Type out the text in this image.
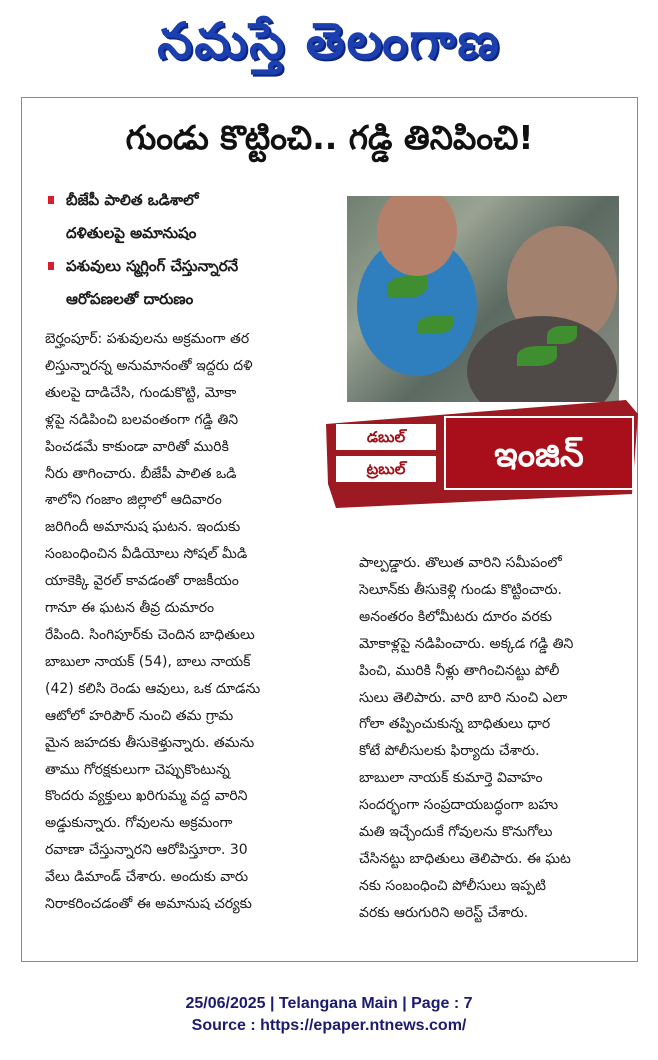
నమస్తే తెలంగాణ
గుండు కొట్టించి.. గడ్డి తినిపించి!
బీజేపీ పాలిత ఒడిశాలో
దళితులపై అమానుషం
పశువులు స్మగ్లింగ్ చేస్తున్నారనే
ఆరోపణలతో దారుణం
డబుల్
ట్రబుల్	ఇంజిన్
బెర్హంపూర్: పశువులను అక్రమంగా తర
లిస్తున్నారన్న అనుమానంతో ఇద్దరు దళి
తులపై దాడిచేసి, గుండుకొట్టి, మోకా
ళ్లపై నడిపించి బలవంతంగా గడ్డి తిని
పించడమే కాకుండా వారితో మురికి
నీరు తాగించారు. బీజేపీ పాలిత ఒడి
శాలోని గంజాం జిల్లాలో ఆదివారం
జరిగిందీ అమానుష ఘటన. ఇందుకు
సంబంధించిన వీడియోలు సోషల్ మీడి
యాకెక్కి వైరల్ కావడంతో రాజకీయం
గానూ ఈ ఘటన తీవ్ర దుమారం
రేపింది. సింగిపూర్‌కు చెందిన బాధితులు
బాబులా నాయక్ (54), బాలు నాయక్
(42) కలిసి రెండు ఆవులు, ఒక దూడను
ఆటోలో హరిపౌర్ నుంచి తమ గ్రామ
మైన జహదకు తీసుకెళ్తున్నారు. తమను
తాము గోరక్షకులుగా చెప్పుకొంటున్న
కొందరు వ్యక్తులు ఖరిగుమ్మ వద్ద వారిని
అడ్డుకున్నారు. గోవులను అక్రమంగా
రవాణా చేస్తున్నారని ఆరోపిస్తూరా. 30
వేలు డిమాండ్ చేశారు. అందుకు వారు
నిరాకరించడంతో ఈ అమానుష చర్యకు
పాల్పడ్డారు. తొలుత వారిని సమీపంలో
సెలూన్‌కు తీసుకెళ్లి గుండు కొట్టించారు.
అనంతరం కిలోమీటరు దూరం వరకు
మోకాళ్లపై నడిపించారు. అక్కడ గడ్డి తిని
పించి, మురికి నీళ్లు తాగించినట్టు పోలీ
సులు తెలిపారు. వారి బారి నుంచి ఎలా
గోలా తప్పించుకున్న బాధితులు ధార
కోటే పోలీసులకు ఫిర్యాదు చేశారు.
బాబులా నాయక్ కుమార్తె వివాహం
సందర్భంగా సంప్రదాయబద్ధంగా బహు
మతి ఇచ్చేందుకే గోవులను కొనుగోలు
చేసినట్టు బాధితులు తెలిపారు. ఈ ఘట
నకు సంబంధించి పోలీసులు ఇప్పటి
వరకు ఆరుగురిని అరెస్ట్ చేశారు.
25/06/2025 | Telangana Main | Page : 7
Source : https://epaper.ntnews.com/
